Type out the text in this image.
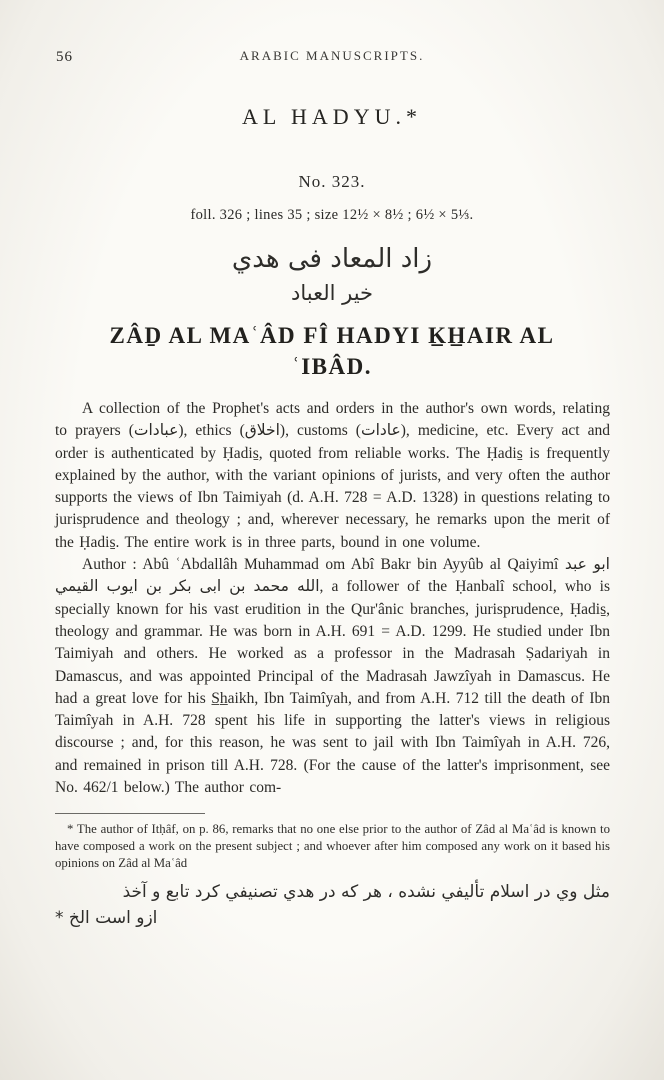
56	ARABIC MANUSCRIPTS.
AL HADYU.*
No. 323.
foll. 326 ; lines 35 ; size 12½ × 8½ ; 6½ × 5⅓.
زاد المعاد فى هدي
خير العباد
ZÂḎ AL MAʿÂD FÎ HADYI K̲H̲AIR AL
ʿIBÂD.

A collection of the Prophet's acts and orders in the author's own words, relating to prayers (عبادات), ethics (اخلاق), customs (عادات), medicine, etc. Every act and order is authenticated by Ḥadis̱, quoted from reliable works. The Ḥadis̱ is frequently explained by the author, with the variant opinions of jurists, and very often the author supports the views of Ibn Taimiyah (d. A.H. 728 = A.D. 1328) in questions relating to jurisprudence and theology ; and, wherever necessary, he remarks upon the merit of the Ḥadis̱. The entire work is in three parts, bound in one volume.

Author : Abû ʿAbdallâh Muhammad om Abî Bakr bin Ayyûb al Qaiyimî ابو عبد الله محمد بن ابى بكر بن ايوب القيمي, a follower of the Ḥanbalî school, who is specially known for his vast erudition in the Qur'ânic branches, jurisprudence, Ḥadis̱, theology and grammar. He was born in A.H. 691 = A.D. 1299. He studied under Ibn Taimiyah and others. He worked as a professor in the Madrasah Ṣadariyah in Damascus, and was appointed Principal of the Madrasah Jawzîyah in Damascus. He had a great love for his S̲h̲aikh, Ibn Taimîyah, and from A.H. 712 till the death of Ibn Taimîyah in A.H. 728 spent his life in supporting the latter's views in religious discourse ; and, for this reason, he was sent to jail with Ibn Taimîyah in A.H. 726, and remained in prison till A.H. 728. (For the cause of the latter's imprisonment, see No. 462/1 below.) The author com-

* The author of Itḥâf, on p. 86, remarks that no one else prior to the author of Zâd al Maʿâd is known to have composed a work on the present subject ; and whoever after him composed any work on it based his opinions on Zâd al Maʿâd

مثل وي در اسلام تأليفي نشده ، هر كه در هدي تصنيفي كرد تابع و آخذ
ازو است الخ *
